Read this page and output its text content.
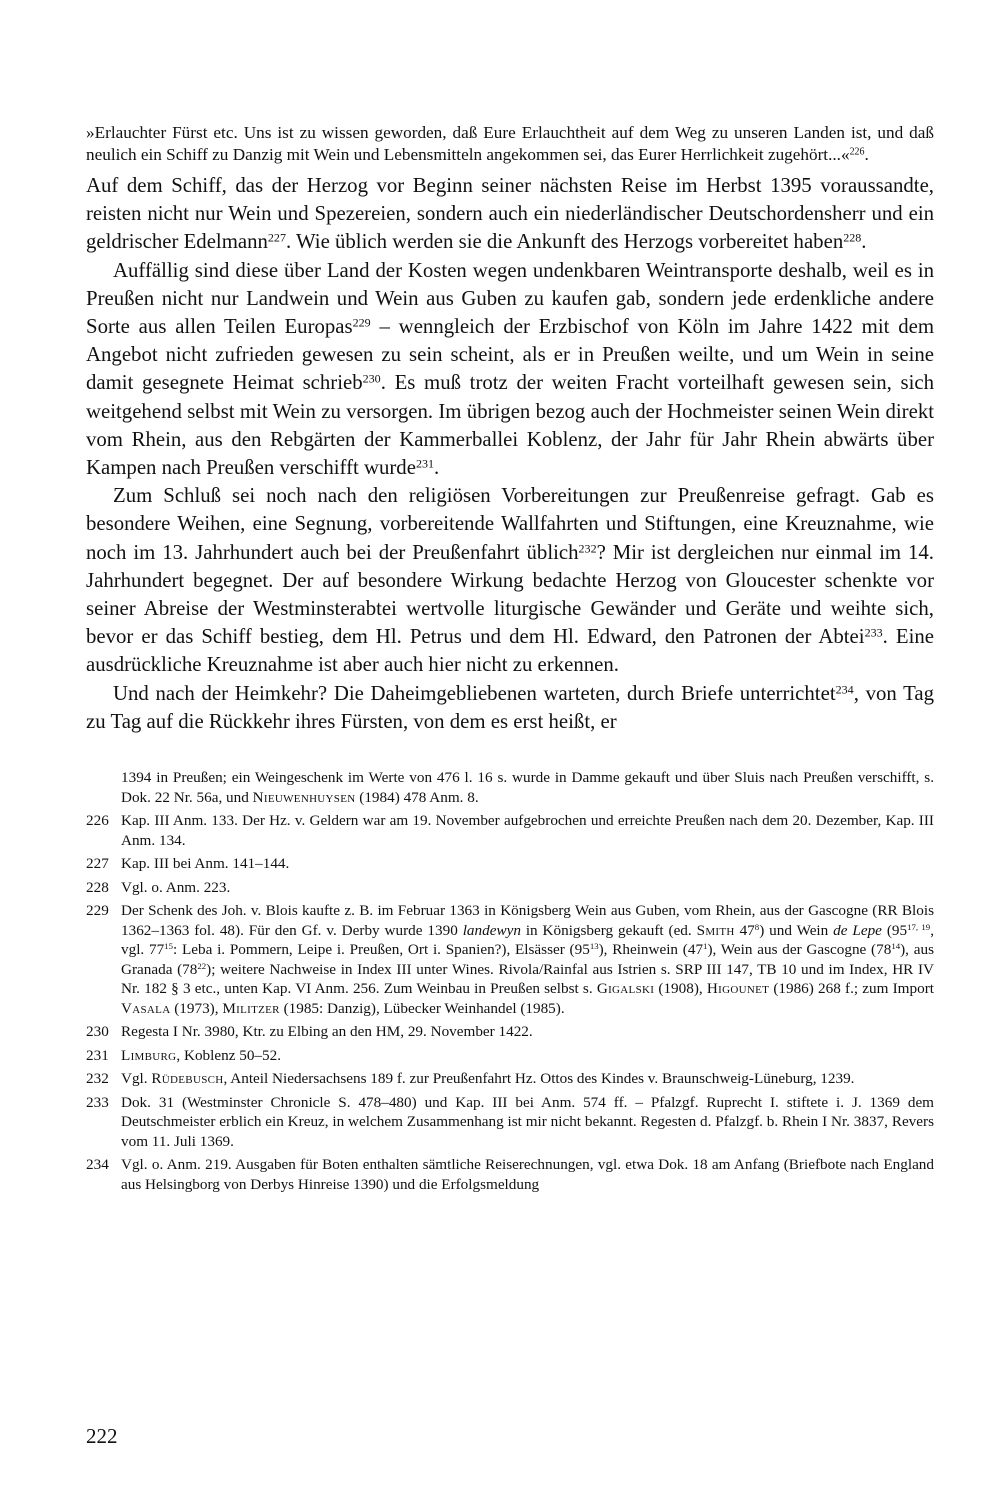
»Erlauchter Fürst etc. Uns ist zu wissen geworden, daß Eure Erlauchtheit auf dem Weg zu unseren Landen ist, und daß neulich ein Schiff zu Danzig mit Wein und Lebensmitteln angekommen sei, das Eurer Herrlichkeit zugehört...«$^{226}$.

Auf dem Schiff, das der Herzog vor Beginn seiner nächsten Reise im Herbst 1395 voraussandte, reisten nicht nur Wein und Spezereien, sondern auch ein niederländischer Deutschordensherr und ein geldrischer Edelmann$^{227}$. Wie üblich werden sie die Ankunft des Herzogs vorbereitet haben$^{228}$.

Auffällig sind diese über Land der Kosten wegen undenkbaren Weintransporte deshalb, weil es in Preußen nicht nur Landwein und Wein aus Guben zu kaufen gab, sondern jede erdenkliche andere Sorte aus allen Teilen Europas$^{229}$ – wenngleich der Erzbischof von Köln im Jahre 1422 mit dem Angebot nicht zufrieden gewesen zu sein scheint, als er in Preußen weilte, und um Wein in seine damit gesegnete Heimat schrieb$^{230}$. Es muß trotz der weiten Fracht vorteilhaft gewesen sein, sich weitgehend selbst mit Wein zu versorgen. Im übrigen bezog auch der Hochmeister seinen Wein direkt vom Rhein, aus den Rebgärten der Kammerballei Koblenz, der Jahr für Jahr Rhein abwärts über Kampen nach Preußen verschifft wurde$^{231}$.

Zum Schluß sei noch nach den religiösen Vorbereitungen zur Preußenreise gefragt. Gab es besondere Weihen, eine Segnung, vorbereitende Wallfahrten und Stiftungen, eine Kreuznahme, wie noch im 13. Jahrhundert auch bei der Preußenfahrt üblich$^{232}$? Mir ist dergleichen nur einmal im 14. Jahrhundert begegnet. Der auf besondere Wirkung bedachte Herzog von Gloucester schenkte vor seiner Abreise der Westminsterabtei wertvolle liturgische Gewänder und Geräte und weihte sich, bevor er das Schiff bestieg, dem Hl. Petrus und dem Hl. Edward, den Patronen der Abtei$^{233}$. Eine ausdrückliche Kreuznahme ist aber auch hier nicht zu erkennen.

Und nach der Heimkehr? Die Daheimgebliebenen warteten, durch Briefe unterrichtet$^{234}$, von Tag zu Tag auf die Rückkehr ihres Fürsten, von dem es erst heißt, er

1394 in Preußen; ein Weingeschenk im Werte von 476 l. 16 s. wurde in Damme gekauft und über Sluis nach Preußen verschifft, s. Dok. 22 Nr. 56a, und Nieuwenhuysen (1984) 478 Anm. 8.

226 Kap. III Anm. 133. Der Hz. v. Geldern war am 19. November aufgebrochen und erreichte Preußen nach dem 20. Dezember, Kap. III Anm. 134.
227 Kap. III bei Anm. 141–144.
228 Vgl. o. Anm. 223.
229 Der Schenk des Joh. v. Blois kaufte z. B. im Februar 1363 in Königsberg Wein aus Guben, vom Rhein, aus der Gascogne (RR Blois 1362–1363 fol. 48). Für den Gf. v. Derby wurde 1390 landewyn in Königsberg gekauft (ed. Smith $47^8$) und Wein de Lepe (95$^{17, 19}$, vgl. $77^{15}$: Leba i. Pommern, Leipe i. Preußen, Ort i. Spanien?), Elsässer $(95^{13})$, Rheinwein $(47^1)$, Wein aus der Gascogne $(78^{14})$, aus Granada $(78^{22})$; weitere Nachweise in Index III unter Wines. Rivola/Rainfal aus Istrien s. SRP III 147, TB 10 und im Index, HR IV Nr. 182 § 3 etc., unten Kap. VI Anm. 256. Zum Weinbau in Preußen selbst s. Gigalski (1908), Higounet (1986) 268 f.; zum Import Vasala (1973), Militzer (1985: Danzig), Lübecker Weinhandel (1985).
230 Regesta I Nr. 3980, Ktr. zu Elbing an den HM, 29. November 1422.
231 Limburg, Koblenz 50–52.
232 Vgl. Rüdebusch, Anteil Niedersachsens 189 f. zur Preußenfahrt Hz. Ottos des Kindes v. Braunschweig-Lüneburg, 1239.
233 Dok. 31 (Westminster Chronicle S. 478–480) und Kap. III bei Anm. 574 ff. – Pfalzgf. Ruprecht I. stiftete i. J. 1369 dem Deutschmeister erblich ein Kreuz, in welchem Zusammenhang ist mir nicht bekannt. Regesten d. Pfalzgf. b. Rhein I Nr. 3837, Revers vom 11. Juli 1369.
234 Vgl. o. Anm. 219. Ausgaben für Boten enthalten sämtliche Reiserechnungen, vgl. etwa Dok. 18 am Anfang (Briefbote nach England aus Helsingborg von Derbys Hinreise 1390) und die Erfolgsmeldung
222
